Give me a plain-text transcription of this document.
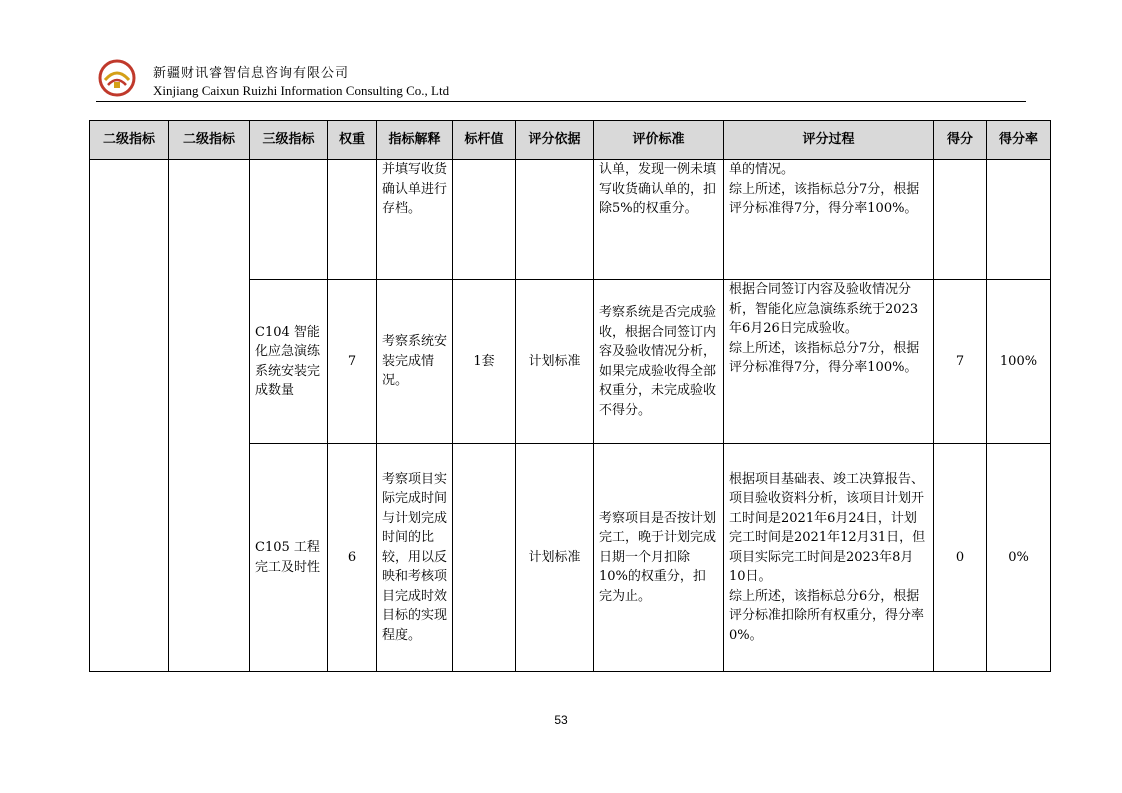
新疆财讯睿智信息咨询有限公司
Xinjiang Caixun Ruizhi Information Consulting Co., Ltd
二级指标	二级指标	三级指标	权重	指标解释	标杆值	评分依据	评价标准	评分过程	得分	得分率
				并填写收货确认单进行存档。			认单，发现一例未填写收货确认单的，扣除5%的权重分。	单的情况。
综上所述，该指标总分7分，根据评分标准得7分，得分率100%。		
		C104 智能化应急演练系统安装完成数量	7	考察系统安装完成情况。	1套	计划标准	考察系统是否完成验收，根据合同签订内容及验收情况分析，如果完成验收得全部权重分，未完成验收不得分。	根据合同签订内容及验收情况分析，智能化应急演练系统于2023年6月26日完成验收。
综上所述，该指标总分7分，根据评分标准得7分，得分率100%。	7	100%
		C105 工程完工及时性	6	考察项目实际完成时间与计划完成时间的比较，用以反映和考核项目完成时效目标的实现程度。		计划标准	考察项目是否按计划完工，晚于计划完成日期一个月扣除10%的权重分，扣完为止。	根据项目基础表、竣工决算报告、项目验收资料分析，该项目计划开工时间是2021年6月24日，计划完工时间是2021年12月31日，但项目实际完工时间是2023年8月10日。
综上所述，该指标总分6分，根据评分标准扣除所有权重分，得分率0%。	0	0%
53
